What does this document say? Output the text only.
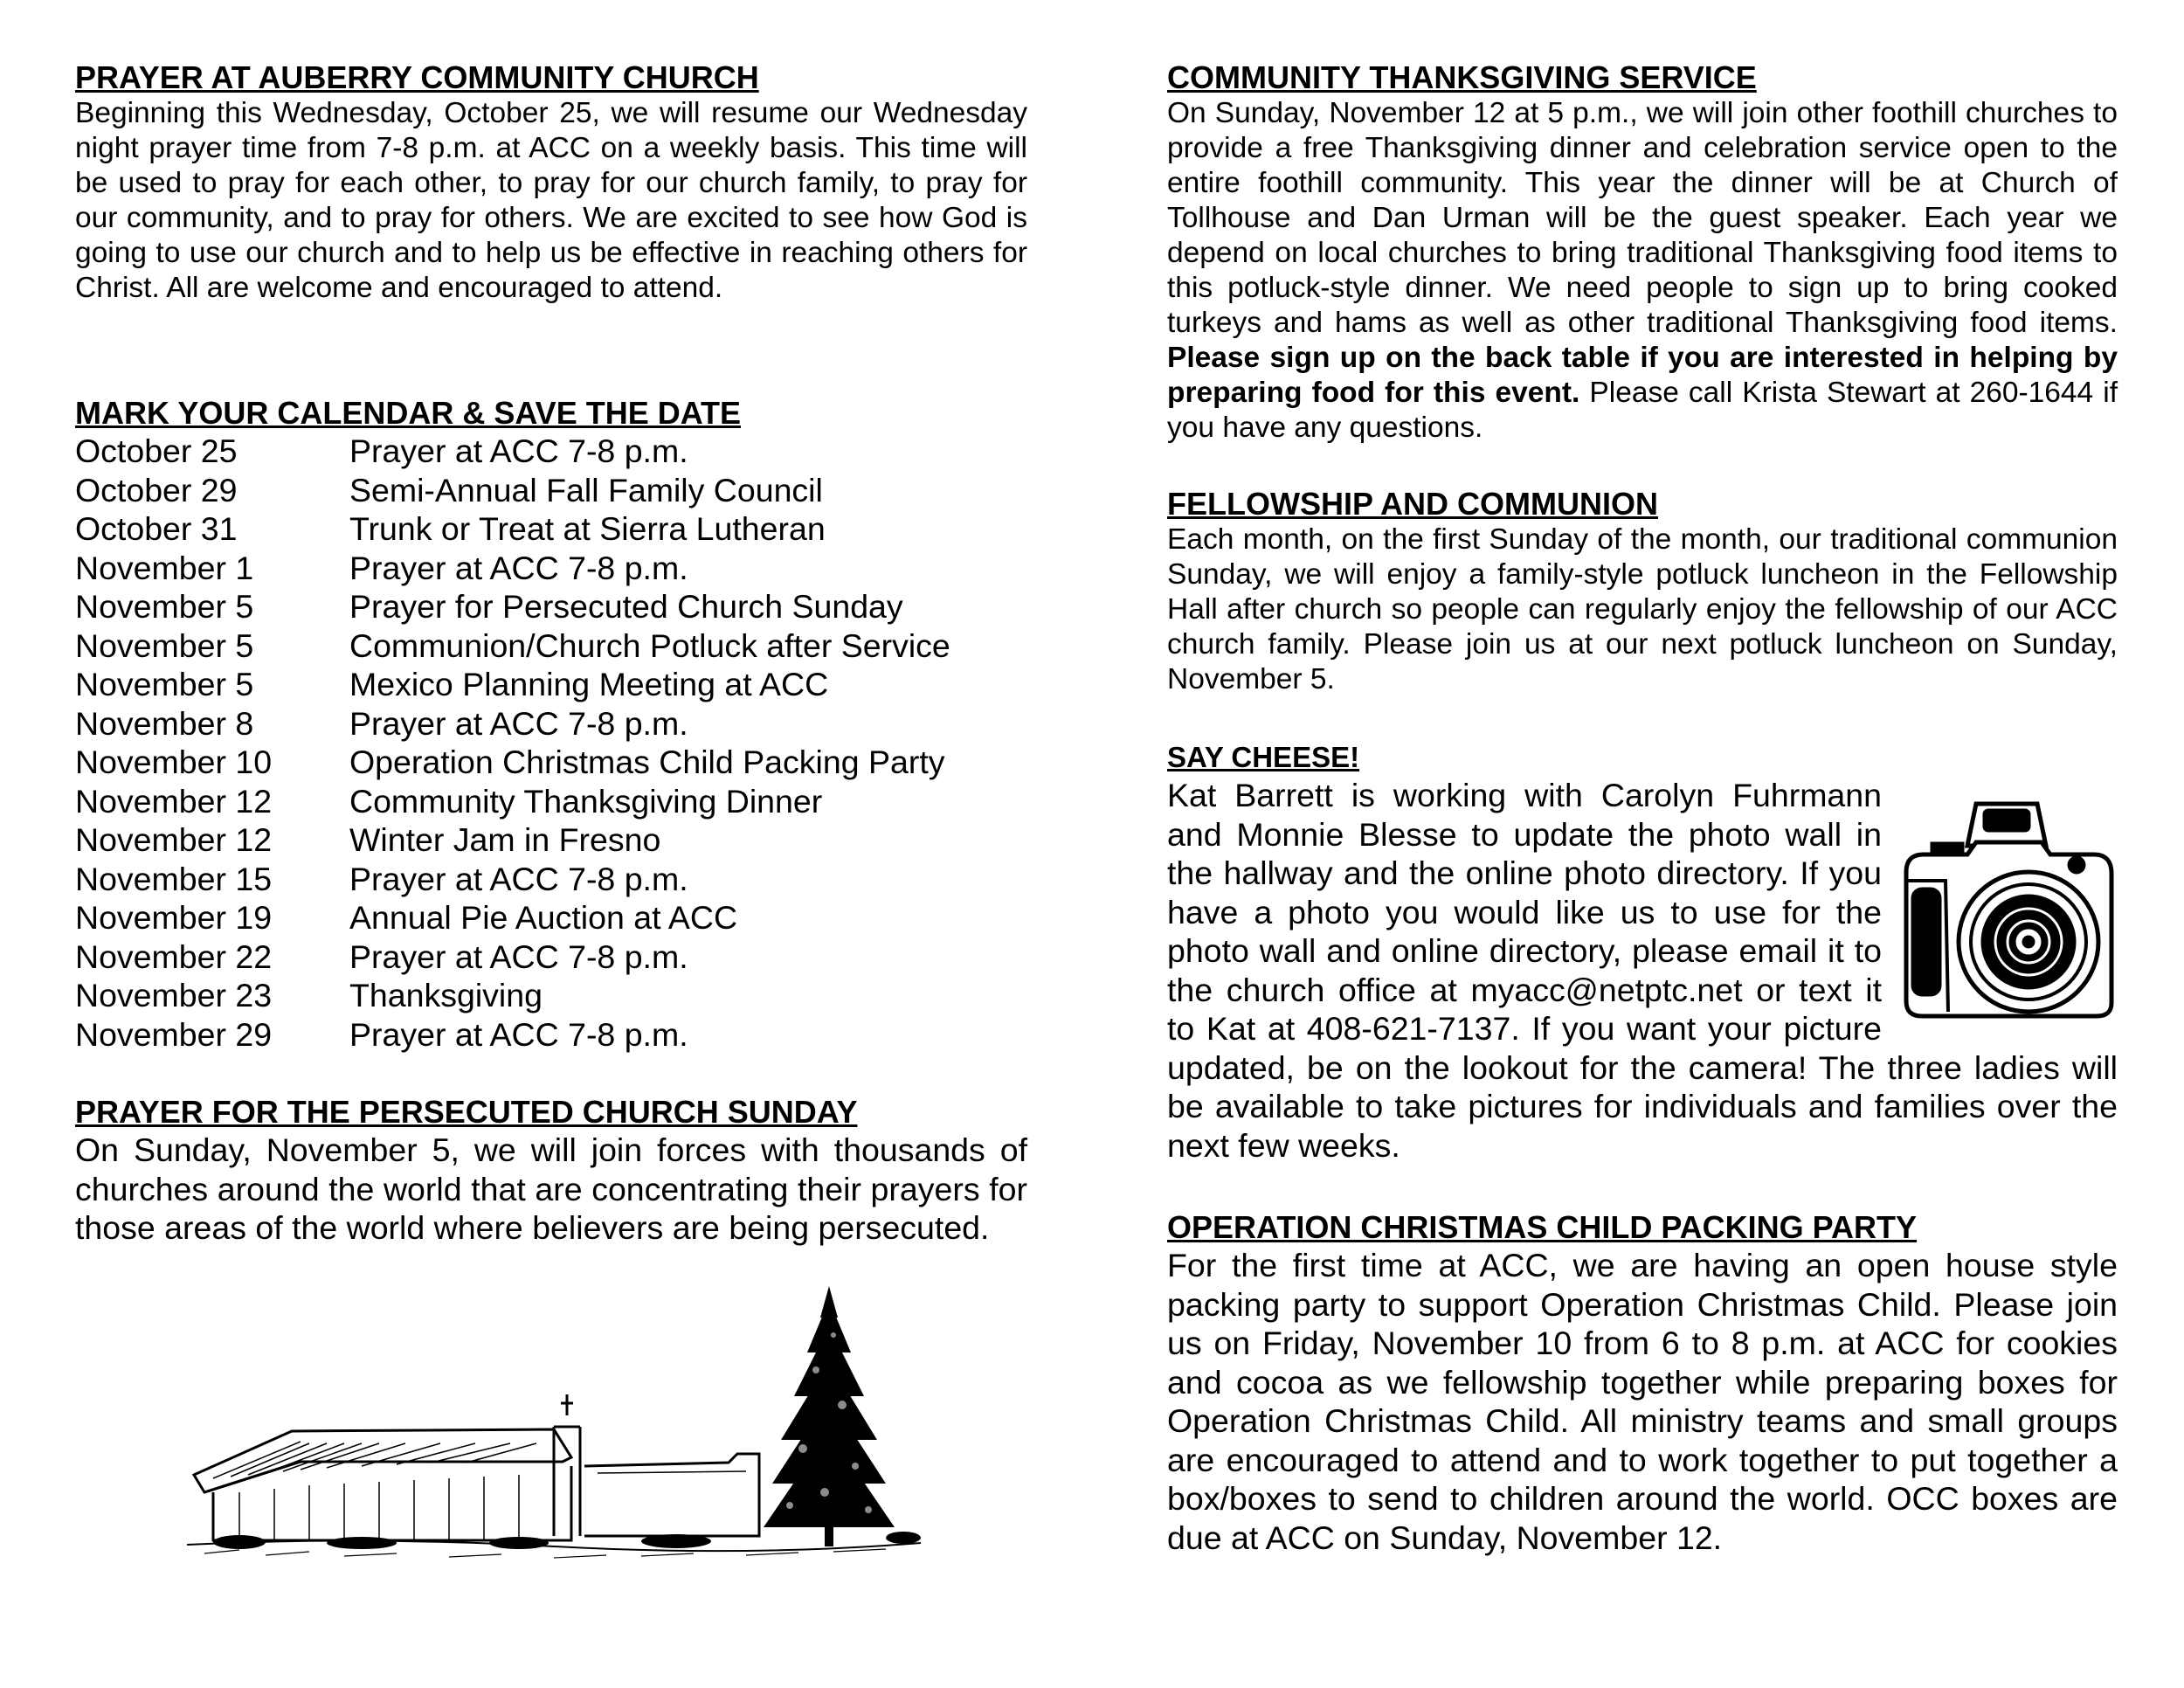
PRAYER AT AUBERRY COMMUNITY CHURCH

Beginning this Wednesday, October 25, we will resume our Wednesday night prayer time from 7-8 p.m. at ACC on a weekly basis. This time will be used to pray for each other, to pray for our church family, to pray for our community, and to pray for others. We are excited to see how God is going to use our church and to help us be effective in reaching others for Christ. All are welcome and encouraged to attend.

MARK YOUR CALENDAR & SAVE THE DATE
October 25	Prayer at ACC 7-8 p.m.
October 29	Semi-Annual Fall Family Council
October 31	Trunk or Treat at Sierra Lutheran
November 1	Prayer at ACC 7-8 p.m.
November 5	Prayer for Persecuted Church Sunday
November 5	Communion/Church Potluck after Service
November 5	Mexico Planning Meeting at ACC
November 8	Prayer at ACC 7-8 p.m.
November 10	Operation Christmas Child Packing Party
November 12	Community Thanksgiving Dinner
November 12	Winter Jam in Fresno
November 15	Prayer at ACC 7-8 p.m.
November 19	Annual Pie Auction at ACC
November 22	Prayer at ACC 7-8 p.m.
November 23	Thanksgiving
November 29	Prayer at ACC 7-8 p.m.
PRAYER FOR THE PERSECUTED CHURCH SUNDAY

On Sunday, November 5, we will join forces with thousands of churches around the world that are concentrating their prayers for those areas of the world where believers are being persecuted.

COMMUNITY THANKSGIVING SERVICE

On Sunday, November 12 at 5 p.m., we will join other foothill churches to provide a free Thanksgiving dinner and celebration service open to the entire foothill community. This year the dinner will be at Church of Tollhouse and Dan Urman will be the guest speaker. Each year we depend on local churches to bring traditional Thanksgiving food items to this potluck-style dinner. We need people to sign up to bring cooked turkeys and hams as well as other traditional Thanksgiving food items. Please sign up on the back table if you are interested in helping by preparing food for this event. Please call Krista Stewart at 260-1644 if you have any questions.

FELLOWSHIP AND COMMUNION

Each month, on the first Sunday of the month, our traditional communion Sunday, we will enjoy a family-style potluck luncheon in the Fellowship Hall after church so people can regularly enjoy the fellowship of our ACC church family. Please join us at our next potluck luncheon on Sunday, November 5.

SAY CHEESE!

Kat Barrett is working with Carolyn Fuhrmann and Monnie Blesse to update the photo wall in the hallway and the online photo directory. If you have a photo you would like us to use for the photo wall and online directory, please email it to the church office at myacc@netptc.net or text it to Kat at 408-621-7137. If you want your picture updated, be on the lookout for the camera! The three ladies will be available to take pictures for individuals and families over the next few weeks.

OPERATION CHRISTMAS CHILD PACKING PARTY

For the first time at ACC, we are having an open house style packing party to support Operation Christmas Child. Please join us on Friday, November 10 from 6 to 8 p.m. at ACC for cookies and cocoa as we fellowship together while preparing boxes for Operation Christmas Child. All ministry teams and small groups are encouraged to attend and to work together to put together a box/boxes to send to children around the world. OCC boxes are due at ACC on Sunday, November 12.
